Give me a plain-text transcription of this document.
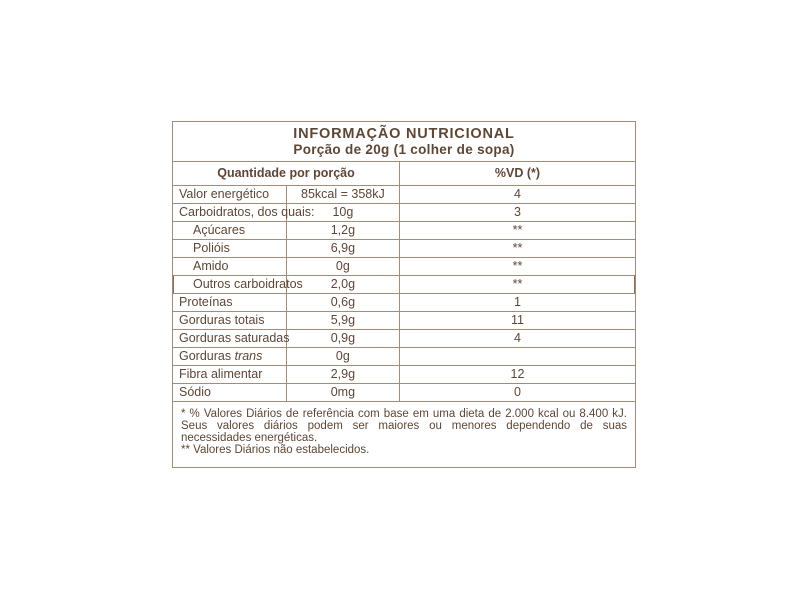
INFORMAÇÃO NUTRICIONAL
Porção de 20g (1 colher de sopa)
Quantidade por porção		%VD (*)
Valor energético	85kcal = 358kJ	4
Carboidratos, dos quais:	10g	3
Açúcares	1,2g	**
Polióis	6,9g	**
Amido	0g	**
Outros carboidratos	2,0g	**
Proteínas	0,6g	1
Gorduras totais	5,9g	11
Gorduras saturadas	0,9g	4
Gorduras trans	0g	
Fibra alimentar	2,9g	12
Sódio	0mg	0

* % Valores Diários de referência com base em uma dieta de 2.000 kcal ou 8.400 kJ. Seus valores diários podem ser maiores ou menores dependendo de suas necessidades energéticas.

** Valores Diários não estabelecidos.
